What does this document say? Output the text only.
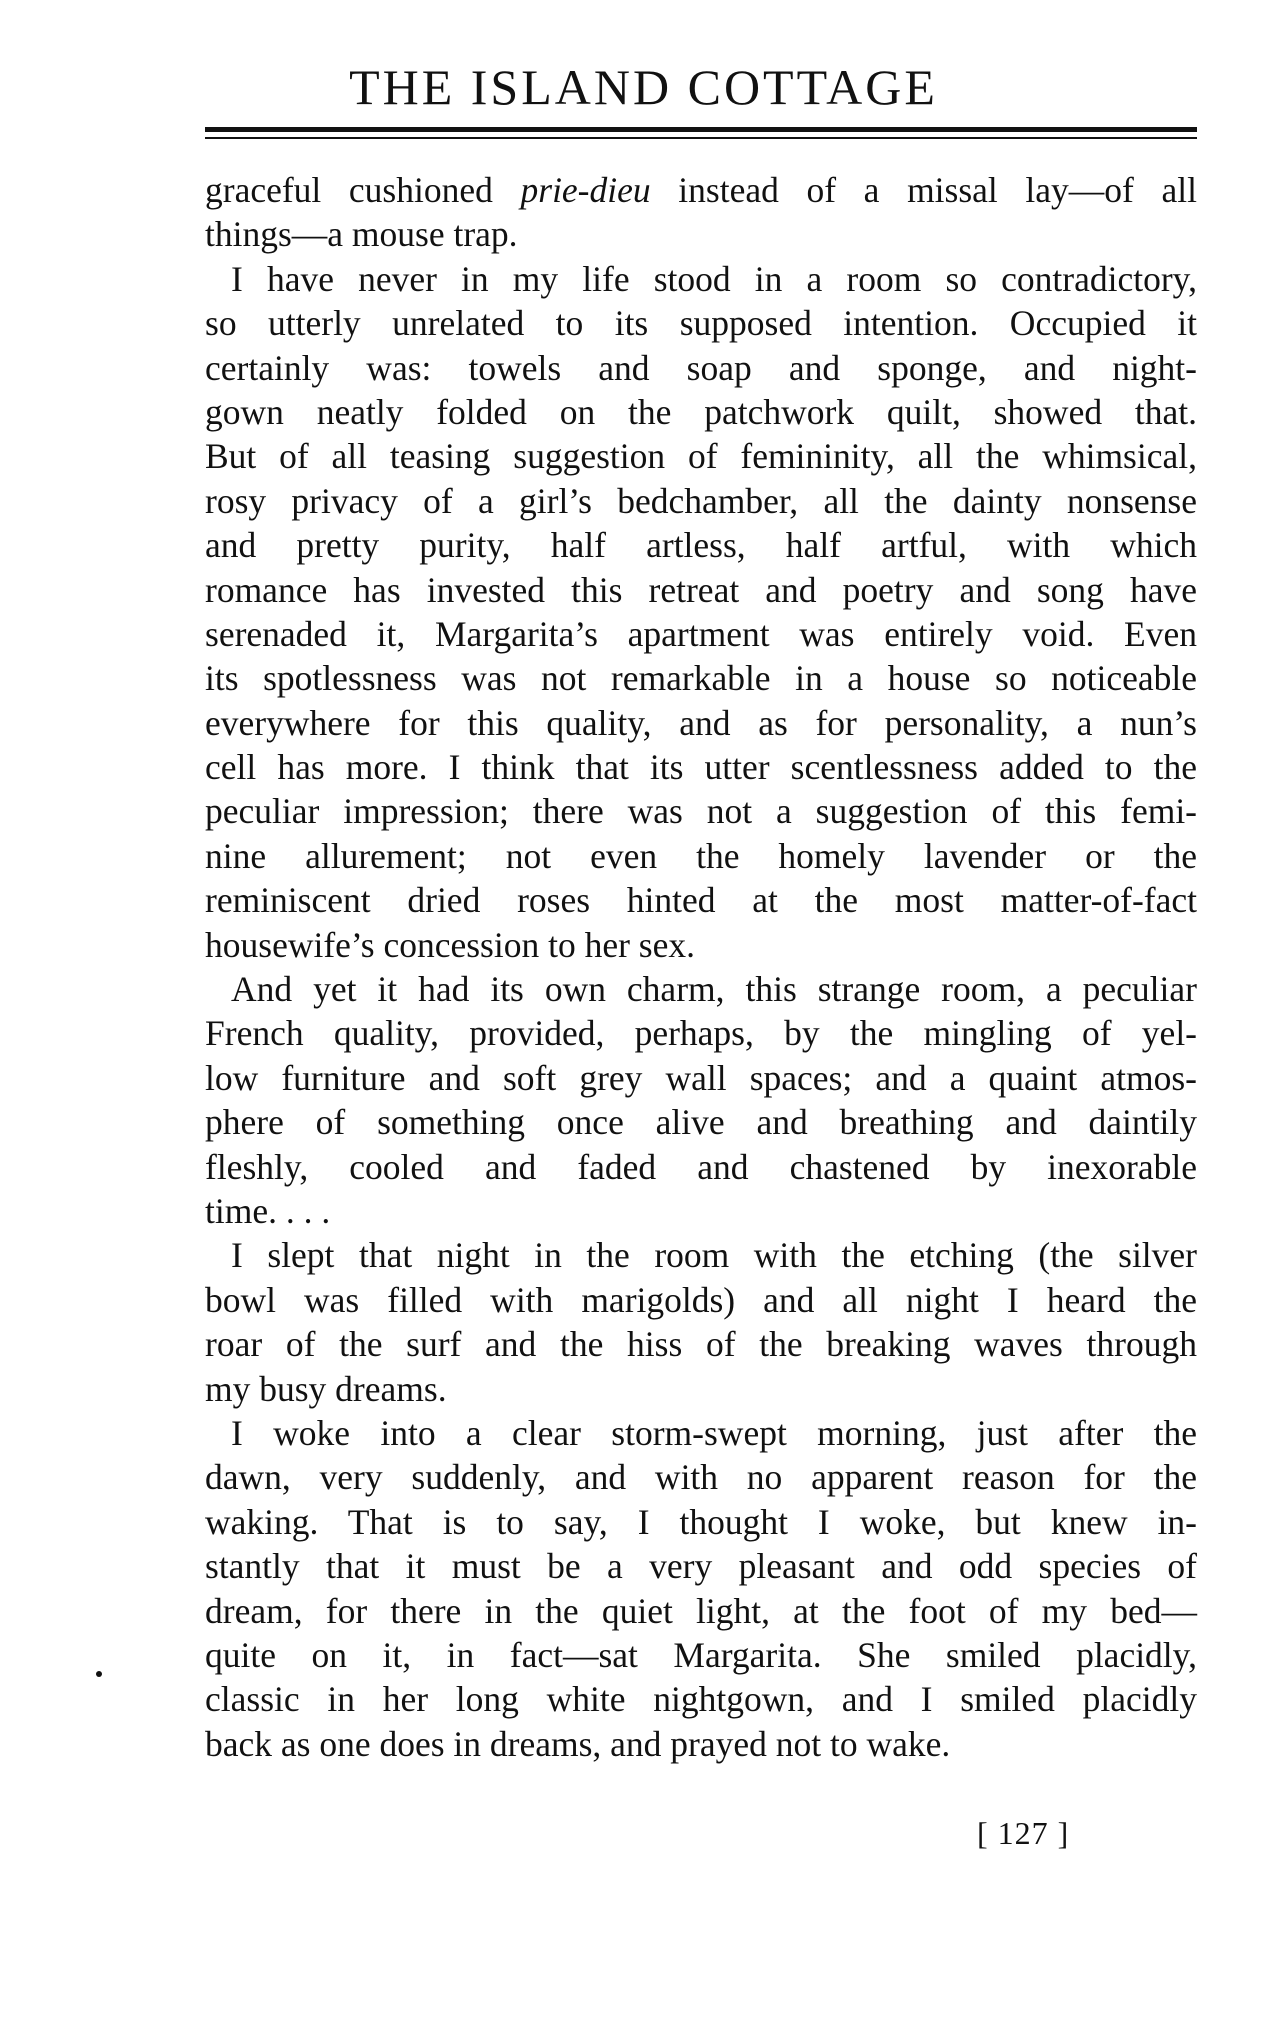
THE ISLAND COTTAGE
graceful cushioned prie-dieu instead of a missal lay—of all
things—a mouse trap.
I have never in my life stood in a room so contradictory,
so utterly unrelated to its supposed intention. Occupied it
certainly was: towels and soap and sponge, and night-
gown neatly folded on the patchwork quilt, showed that.
But of all teasing suggestion of femininity, all the whimsical,
rosy privacy of a girl’s bedchamber, all the dainty nonsense
and pretty purity, half artless, half artful, with which
romance has invested this retreat and poetry and song have
serenaded it, Margarita’s apartment was entirely void. Even
its spotlessness was not remarkable in a house so noticeable
everywhere for this quality, and as for personality, a nun’s
cell has more. I think that its utter scentlessness added to the
peculiar impression; there was not a suggestion of this femi-
nine allurement; not even the homely lavender or the
reminiscent dried roses hinted at the most matter-of-fact
housewife’s concession to her sex.
And yet it had its own charm, this strange room, a peculiar
French quality, provided, perhaps, by the mingling of yel-
low furniture and soft grey wall spaces; and a quaint atmos-
phere of something once alive and breathing and daintily
fleshly, cooled and faded and chastened by inexorable
time. . . .
I slept that night in the room with the etching (the silver
bowl was filled with marigolds) and all night I heard the
roar of the surf and the hiss of the breaking waves through
my busy dreams.
I woke into a clear storm-swept morning, just after the
dawn, very suddenly, and with no apparent reason for the
waking. That is to say, I thought I woke, but knew in-
stantly that it must be a very pleasant and odd species of
dream, for there in the quiet light, at the foot of my bed—
quite on it, in fact—sat Margarita. She smiled placidly,
classic in her long white nightgown, and I smiled placidly
back as one does in dreams, and prayed not to wake.
[ 127 ]
